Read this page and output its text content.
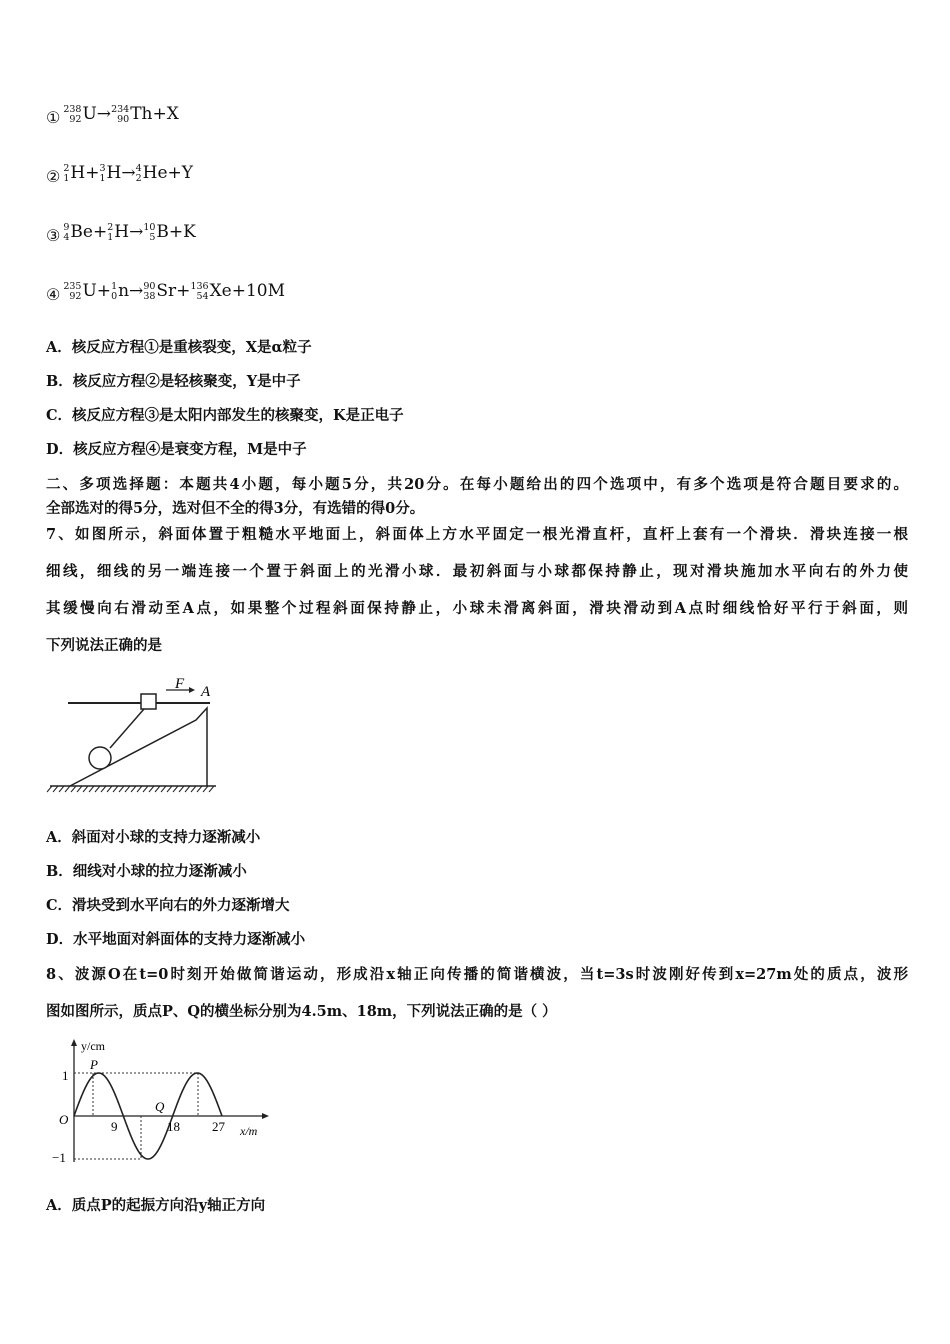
① 238
92 U→ 234
90 Th+X
② 2
1 H+ 3
1 H→ 4
2 He+Y
③ 9
4 Be+ 2
1 H→ 10
5 B+K
④ 235
92 U+ 1
0 n→ 90
38 Sr+ 136
54 Xe+10M
A．核反应方程①是重核裂变，X是α粒子
B．核反应方程②是轻核聚变，Y是中子
C．核反应方程③是太阳内部发生的核聚变，K是正电子
D．核反应方程④是衰变方程，M是中子
二、多项选择题：本题共4小题，每小题5分，共20分。在每小题给出的四个选项中，有多个选项是符合题目要求的。
全部选对的得5分，选对但不全的得3分，有选错的得0分。
7、如图所示，斜面体置于粗糙水平地面上，斜面体上方水平固定一根光滑直杆，直杆上套有一个滑块．滑块连接一根
细线，细线的另一端连接一个置于斜面上的光滑小球．最初斜面与小球都保持静止，现对滑块施加水平向右的外力使
其缓慢向右滑动至A点，如果整个过程斜面保持静止，小球未滑离斜面，滑块滑动到A点时细线恰好平行于斜面，则
下列说法正确的是
F A
A．斜面对小球的支持力逐渐减小
B．细线对小球的拉力逐渐减小
C．滑块受到水平向右的外力逐渐增大
D．水平地面对斜面体的支持力逐渐减小
8、波源O在t=0时刻开始做简谐运动，形成沿x轴正向传播的简谐横波，当t=3s时波刚好传到x=27m处的质点，波形
图如图所示，质点P、Q的横坐标分别为4.5m、18m，下列说法正确的是（ ）
y/cm
x/m
O
1
−1
P
Q
9	18 27
A．质点P的起振方向沿y轴正方向
